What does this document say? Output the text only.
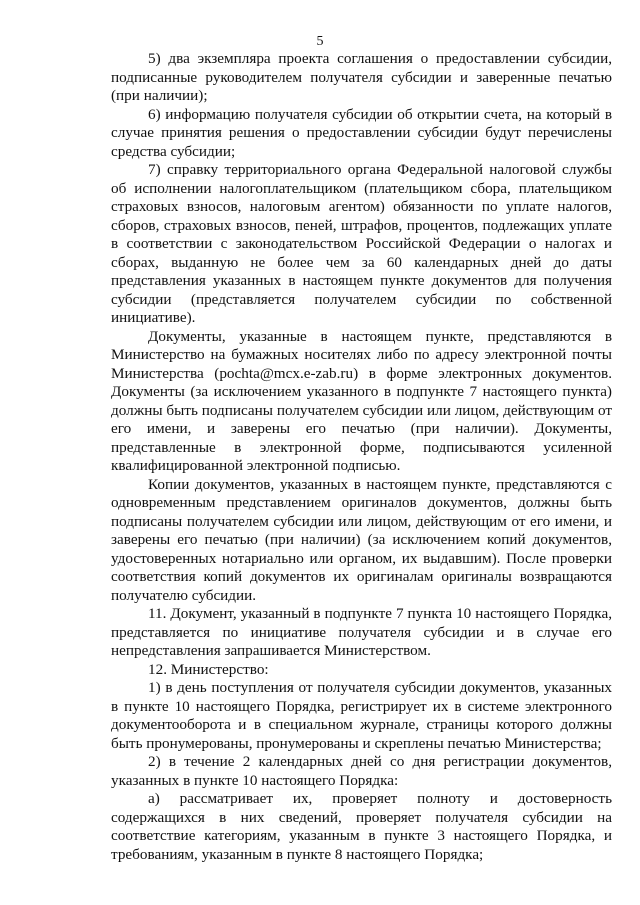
5

5) два экземпляра проекта соглашения о предоставлении субсидии, подписанные руководителем получателя субсидии и заверенные печатью (при наличии);

6) информацию получателя субсидии об открытии счета, на который в случае принятия решения о предоставлении субсидии будут перечислены средства субсидии;

7) справку территориального органа Федеральной налоговой службы об исполнении налогоплательщиком (плательщиком сбора, плательщиком страховых взносов, налоговым агентом) обязанности по уплате налогов, сборов, страховых взносов, пеней, штрафов, процентов, подлежащих уплате в соответствии с законодательством Российской Федерации о налогах и сборах, выданную не более чем за 60 календарных дней до даты представления указанных в настоящем пункте документов для получения субсидии (представляется получателем субсидии по собственной инициативе).

Документы, указанные в настоящем пункте, представляются в Министерство на бумажных носителях либо по адресу электронной почты Министерства (pochta@mcx.e-zab.ru) в форме электронных документов. Документы (за исключением указанного в подпункте 7 настоящего пункта) должны быть подписаны получателем субсидии или лицом, действующим от его имени, и заверены его печатью (при наличии). Документы, представленные в электронной форме, подписываются усиленной квалифицированной электронной подписью.

Копии документов, указанных в настоящем пункте, представляются с одновременным представлением оригиналов документов, должны быть подписаны получателем субсидии или лицом, действующим от его имени, и заверены его печатью (при наличии) (за исключением копий документов, удостоверенных нотариально или органом, их выдавшим). После проверки соответствия копий документов их оригиналам оригиналы возвращаются получателю субсидии.

11. Документ, указанный в подпункте 7 пункта 10 настоящего Порядка, представляется по инициативе получателя субсидии и в случае его непредставления запрашивается Министерством.

12. Министерство:

1) в день поступления от получателя субсидии документов, указанных в пункте 10 настоящего Порядка, регистрирует их в системе электронного документооборота и в специальном журнале, страницы которого должны быть пронумерованы, пронумерованы и скреплены печатью Министерства;

2) в течение 2 календарных дней со дня регистрации документов, указанных в пункте 10 настоящего Порядка:

а) рассматривает их, проверяет полноту и достоверность содержащихся в них сведений, проверяет получателя субсидии на соответствие категориям, указанным в пункте 3 настоящего Порядка, и требованиям, указанным в пункте 8 настоящего Порядка;
